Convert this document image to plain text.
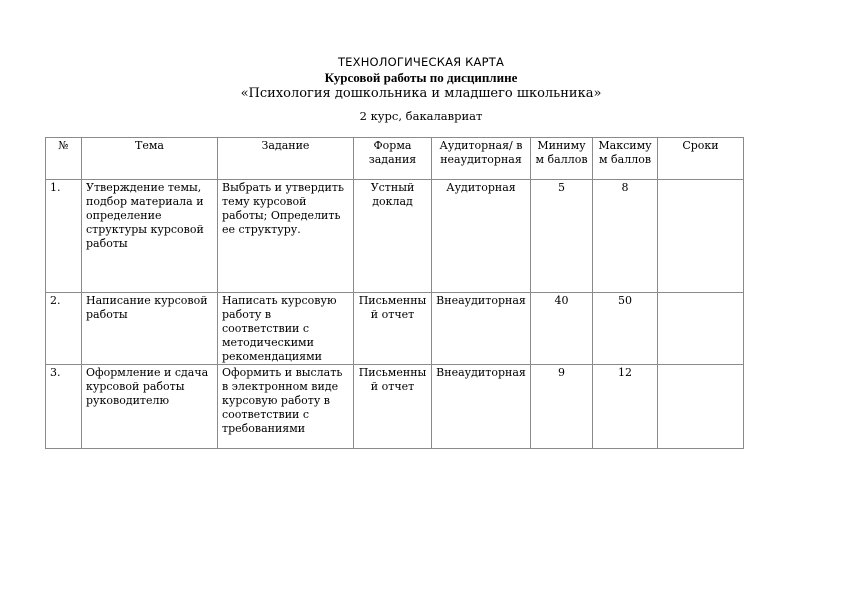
ТЕХНОЛОГИЧЕСКАЯ КАРТА
Курсовой работы по дисциплине
«Психология дошкольника и младшего школьника»
2 курс, бакалавриат
№	Тема	Задание	Форма задания	Аудиторная/ внеаудиторная	Минимум баллов	Максимум баллов	Сроки
1.	Утверждение темы, подбор материала и определение структуры курсовой работы	Выбрать и утвердить тему курсовой работы; Определить ее структуру.	Устный доклад	Аудиторная	5	8	
2.	Написание курсовой работы	Написать курсовую работу в соответствии с методическими рекомендациями	Письменный отчет	Внеаудиторная	40	50	
3.	Оформление и сдача курсовой работы руководителю	Оформить и выслать в электронном виде курсовую работу в соответствии с требованиями	Письменный отчет	Внеаудиторная	9	12	
